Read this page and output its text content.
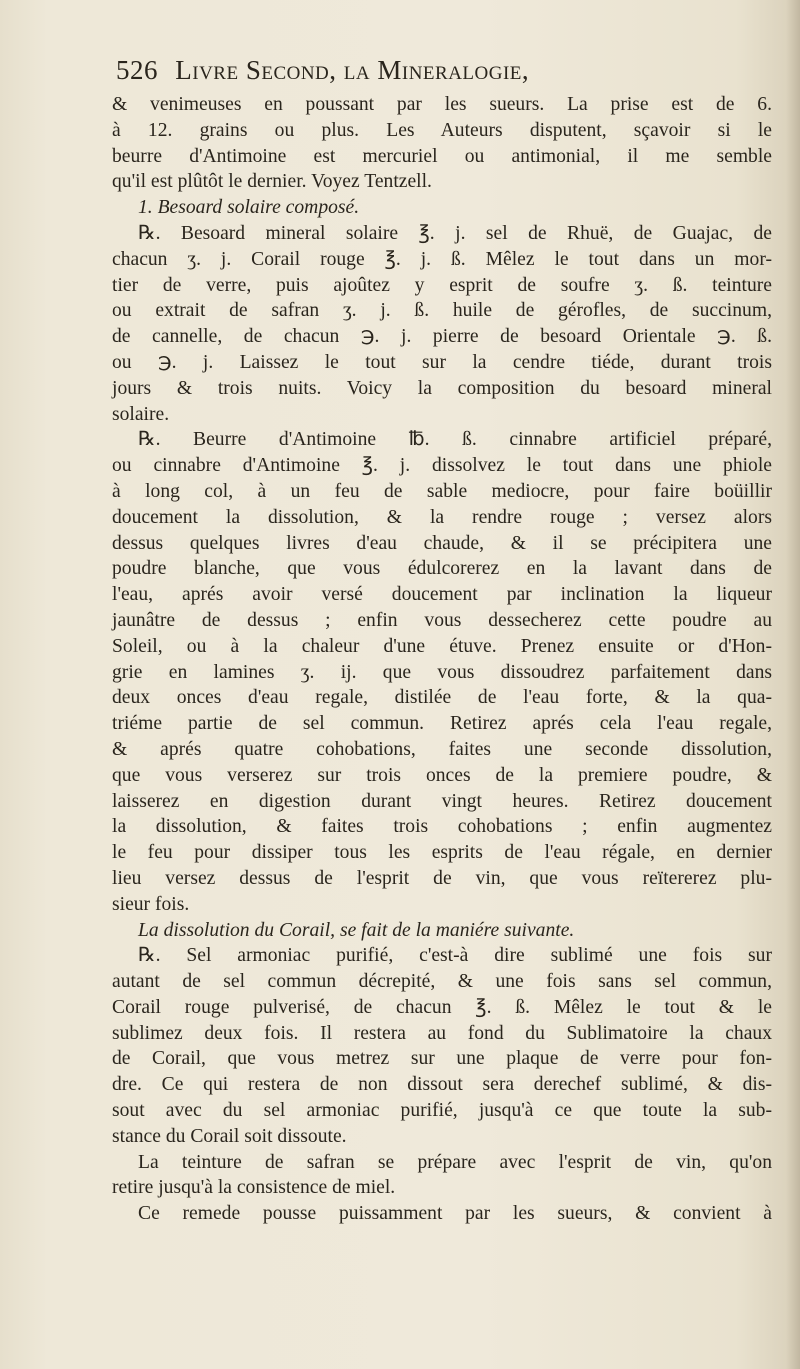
526 Livre Second, la Mineralogie,

& venimeuses en poussant par les sueurs. La prise est de 6.

à 12. grains ou plus. Les Auteurs disputent, sçavoir si le

beurre d'Antimoine est mercuriel ou antimonial, il me semble

qu'il est plûtôt le dernier. Voyez Tentzell.

1. Besoard solaire composé.

℞. Besoard mineral solaire ℥. j. sel de Rhuë, de Guajac, de

chacun ʒ. j. Corail rouge ℥. j. ß. Mêlez le tout dans un mor-

tier de verre, puis ajoûtez y esprit de soufre ʒ. ß. teinture

ou extrait de safran ʒ. j. ß. huile de gérofles, de succinum,

de cannelle, de chacun ℈. j. pierre de besoard Orientale ℈. ß.

ou ℈. j. Laissez le tout sur la cendre tiéde, durant trois

jours & trois nuits. Voicy la composition du besoard mineral

solaire.

℞. Beurre d'Antimoine ℔. ß. cinnabre artificiel préparé,

ou cinnabre d'Antimoine ℥. j. dissolvez le tout dans une phiole

à long col, à un feu de sable mediocre, pour faire boüillir

doucement la dissolution, & la rendre rouge ; versez alors

dessus quelques livres d'eau chaude, & il se précipitera une

poudre blanche, que vous édulcorerez en la lavant dans de

l'eau, aprés avoir versé doucement par inclination la liqueur

jaunâtre de dessus ; enfin vous dessecherez cette poudre au

Soleil, ou à la chaleur d'une étuve. Prenez ensuite or d'Hon-

grie en lamines ʒ. ij. que vous dissoudrez parfaitement dans

deux onces d'eau regale, distilée de l'eau forte, & la qua-

triéme partie de sel commun. Retirez aprés cela l'eau regale,

& aprés quatre cohobations, faites une seconde dissolution,

que vous verserez sur trois onces de la premiere poudre, &

laisserez en digestion durant vingt heures. Retirez doucement

la dissolution, & faites trois cohobations ; enfin augmentez

le feu pour dissiper tous les esprits de l'eau régale, en dernier

lieu versez dessus de l'esprit de vin, que vous reïtererez plu-

sieur fois.

La dissolution du Corail, se fait de la maniére suivante.

℞. Sel armoniac purifié, c'est-à dire sublimé une fois sur

autant de sel commun décrepité, & une fois sans sel commun,

Corail rouge pulverisé, de chacun ℥. ß. Mêlez le tout & le

sublimez deux fois. Il restera au fond du Sublimatoire la chaux

de Corail, que vous metrez sur une plaque de verre pour fon-

dre. Ce qui restera de non dissout sera derechef sublimé, & dis-

sout avec du sel armoniac purifié, jusqu'à ce que toute la sub-

stance du Corail soit dissoute.

La teinture de safran se prépare avec l'esprit de vin, qu'on

retire jusqu'à la consistence de miel.

Ce remede pousse puissamment par les sueurs, & convient à
